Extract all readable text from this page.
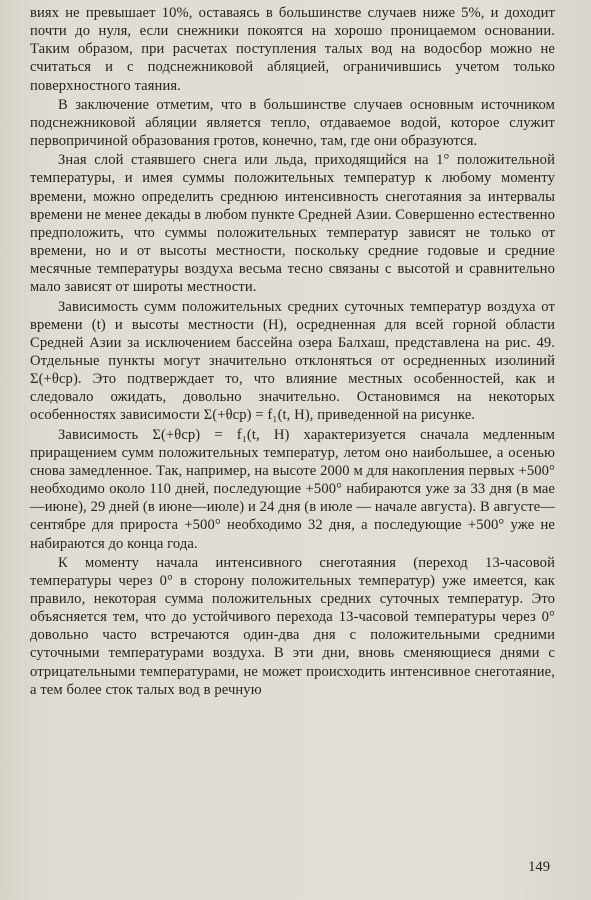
виях не превышает 10%, оставаясь в большинстве случаев ниже 5%, и доходит почти до нуля, если снежники покоятся на хорошо проницаемом основании. Таким образом, при расчетах поступления талых вод на водосбор можно не считаться и с подснежниковой абляцией, ограничившись учетом только поверхностного таяния.

В заключение отметим, что в большинстве случаев основным источником подснежниковой абляции является тепло, отдаваемое водой, которое служит первопричиной образования гротов, конечно, там, где они образуются.

Зная слой стаявшего снега или льда, приходящийся на 1° положительной температуры, и имея суммы положительных температур к любому моменту времени, можно определить среднюю интенсивность снеготаяния за интервалы времени не менее декады в любом пункте Средней Азии. Совершенно естественно предположить, что суммы положительных температур зависят не только от времени, но и от высоты местности, поскольку средние годовые и средние месячные температуры воздуха весьма тесно связаны с высотой и сравнительно мало зависят от широты местности.

Зависимость сумм положительных средних суточных температур воздуха от времени (t) и высоты местности (H), осредненная для всей горной области Средней Азии за исключением бассейна озера Балхаш, представлена на рис. 49. Отдельные пункты могут значительно отклоняться от осредненных изолиний Σ(+θср). Это подтверждает то, что влияние местных особенностей, как и следовало ожидать, довольно значительно. Остановимся на некоторых особенностях зависимости Σ(+θср) = f₁(t, H), приведенной на рисунке.

Зависимость Σ(+θср) = f₁(t, H) характеризуется сначала медленным приращением сумм положительных температур, летом оно наибольшее, а осенью снова замедленное. Так, например, на высоте 2000 м для накопления первых +500° необходимо около 110 дней, последующие +500° набираются уже за 33 дня (в мае—июне), 29 дней (в июне—июле) и 24 дня (в июле — начале августа). В августе—сентябре для прироста +500° необходимо 32 дня, а последующие +500° уже не набираются до конца года.

К моменту начала интенсивного снеготаяния (переход 13-часовой температуры через 0° в сторону положительных температур) уже имеется, как правило, некоторая сумма положительных средних суточных температур. Это объясняется тем, что до устойчивого перехода 13-часовой температуры через 0° довольно часто встречаются один-два дня с положительными средними суточными температурами воздуха. В эти дни, вновь сменяющиеся днями с отрицательными температурами, не может происходить интенсивное снеготаяние, а тем более сток талых вод в речную

149
